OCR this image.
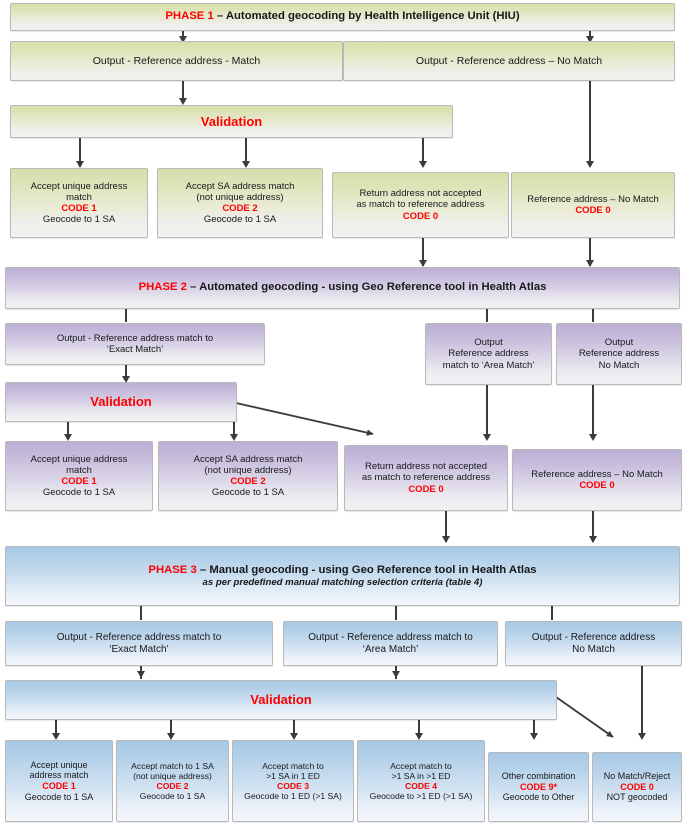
PHASE 1 – Automated geocoding by Health Intelligence Unit (HIU)
Output - Reference address - Match	Output - Reference address – No Match
Validation
Accept unique address
match
CODE 1
Geocode to 1 SA
Accept SA address match
(not unique address)
CODE 2
Geocode to 1 SA
Return address not accepted
as match to reference address
CODE 0
Reference address – No Match
CODE 0
PHASE 2 – Automated geocoding - using Geo Reference tool in Health Atlas
Output - Reference address match to
‘Exact Match’
Output
Reference address
match to ‘Area Match’
Output
Reference address
No Match
Validation
Accept unique address
match
CODE 1
Geocode to 1 SA
Accept SA address match
(not unique address)
CODE 2
Geocode to 1 SA
Return address not accepted
as match to reference address
CODE 0
Reference address – No Match
CODE 0
PHASE 3 – Manual geocoding - using Geo Reference tool in Health Atlas
as per predefined manual matching selection criteria (table 4)
Output - Reference address match to
‘Exact Match’
Output - Reference address match to
‘Area Match’
Output - Reference address
No Match
Validation
Accept unique
address match
CODE 1
Geocode to 1 SA
Accept match to 1 SA
(not unique address)
CODE 2
Geocode to 1 SA
Accept match to
>1 SA in 1 ED
CODE 3
Geocode to 1 ED (>1 SA)
Accept match to
>1 SA in >1 ED
CODE 4
Geocode to >1 ED (>1 SA)
Other combination
CODE 9*
Geocode to Other
No Match/Reject
CODE 0
NOT geocoded
